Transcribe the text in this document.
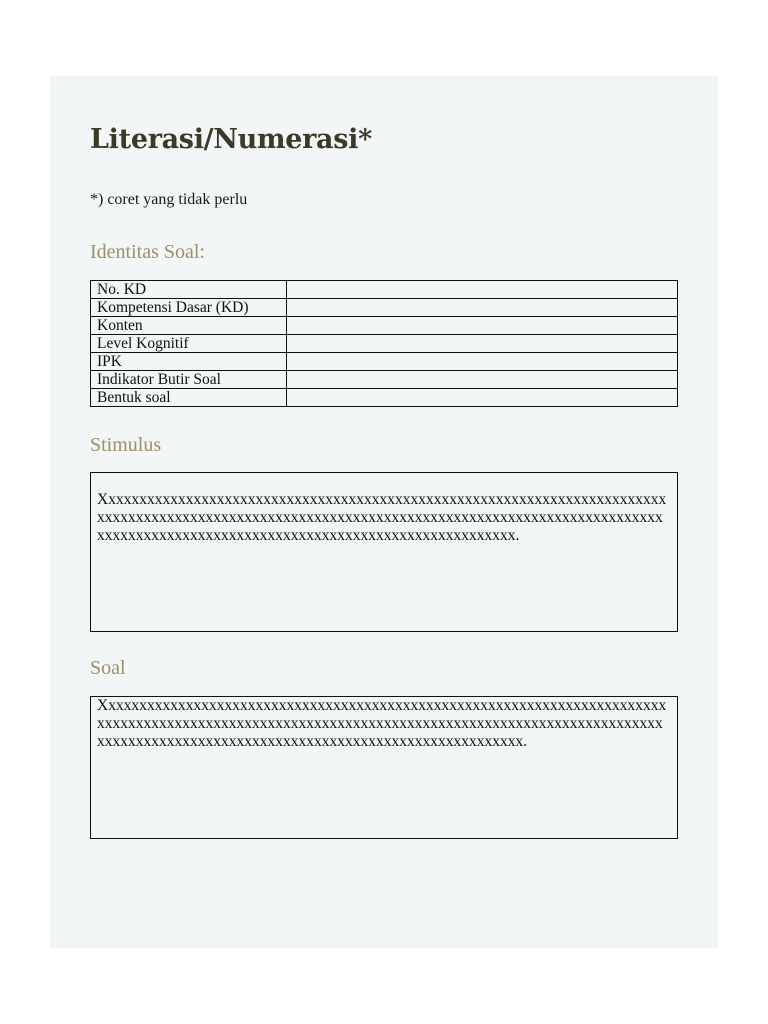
Literasi/Numerasi*

*) coret yang tidak perlu

Identitas Soal:
No. KD	
Kompetensi Dasar (KD)	
Konten	
Level Kognitif	
IPK	
Indikator Butir Soal	
Bentuk soal	
Stimulus

Xxxxxxxxxxxxxxxxxxxxxxxxxxxxxxxxxxxxxxxxxxxxxxxxxxxxxxxxxxxxxxxxxxxxxxxxxxxxxxxxxxxxxxxxxxxxxxxxxxxxxxxxxxxxxxxxxxxxxxxxxxxxxxxxxxxxxxxxxxxxxxxxxxxxxxxxxxxxxxxxxxxxxxxxxxxxxxxxxxxxxxxxxxxxxxxxxxxxxxxx.

Soal

Xxxxxxxxxxxxxxxxxxxxxxxxxxxxxxxxxxxxxxxxxxxxxxxxxxxxxxxxxxxxxxxxxxxxxxxxxxxxxxxxxxxxxxxxxxxxxxxxxxxxxxxxxxxxxxxxxxxxxxxxxxxxxxxxxxxxxxxxxxxxxxxxxxxxxxxxxxxxxxxxxxxxxxxxxxxxxxxxxxxxxxxxxxxxxxxxxxxxxxxxx.
